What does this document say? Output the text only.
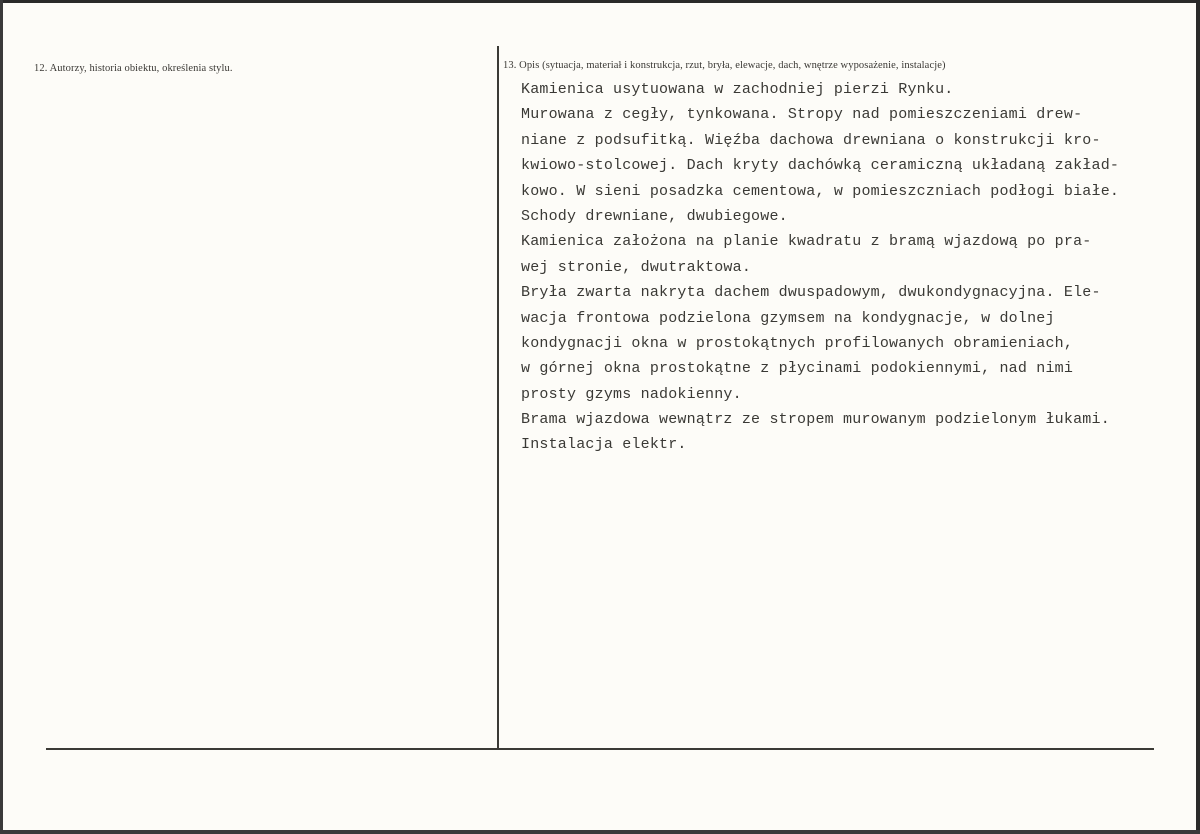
12. Autorzy, historia obiektu, określenia stylu.	13. Opis (sytuacja, materiał i konstrukcja, rzut, bryła, elewacje, dach, wnętrze wyposażenie, instalacje)
Kamienica usytuowana w zachodniej pierzi Rynku.
Murowana z cegły, tynkowana. Stropy nad pomieszczeniami drew-
niane z podsufitką. Więźba dachowa drewniana o konstrukcji kro-
kwiowo-stolcowej. Dach kryty dachówką ceramiczną układaną zakład-
kowo. W sieni posadzka cementowa, w pomieszczniach podłogi białe.
Schody drewniane, dwubiegowe.
Kamienica założona na planie kwadratu z bramą wjazdową po pra-
wej stronie, dwutraktowa.
Bryła zwarta nakryta dachem dwuspadowym, dwukondygnacyjna. Ele-
wacja frontowa podzielona gzymsem na kondygnacje, w dolnej
kondygnacji okna w prostokątnych profilowanych obramieniach,
w górnej okna prostokątne z płycinami podokiennymi, nad nimi
prosty gzyms nadokienny.
Brama wjazdowa wewnątrz ze stropem murowanym podzielonym łukami.
Instalacja elektr.
